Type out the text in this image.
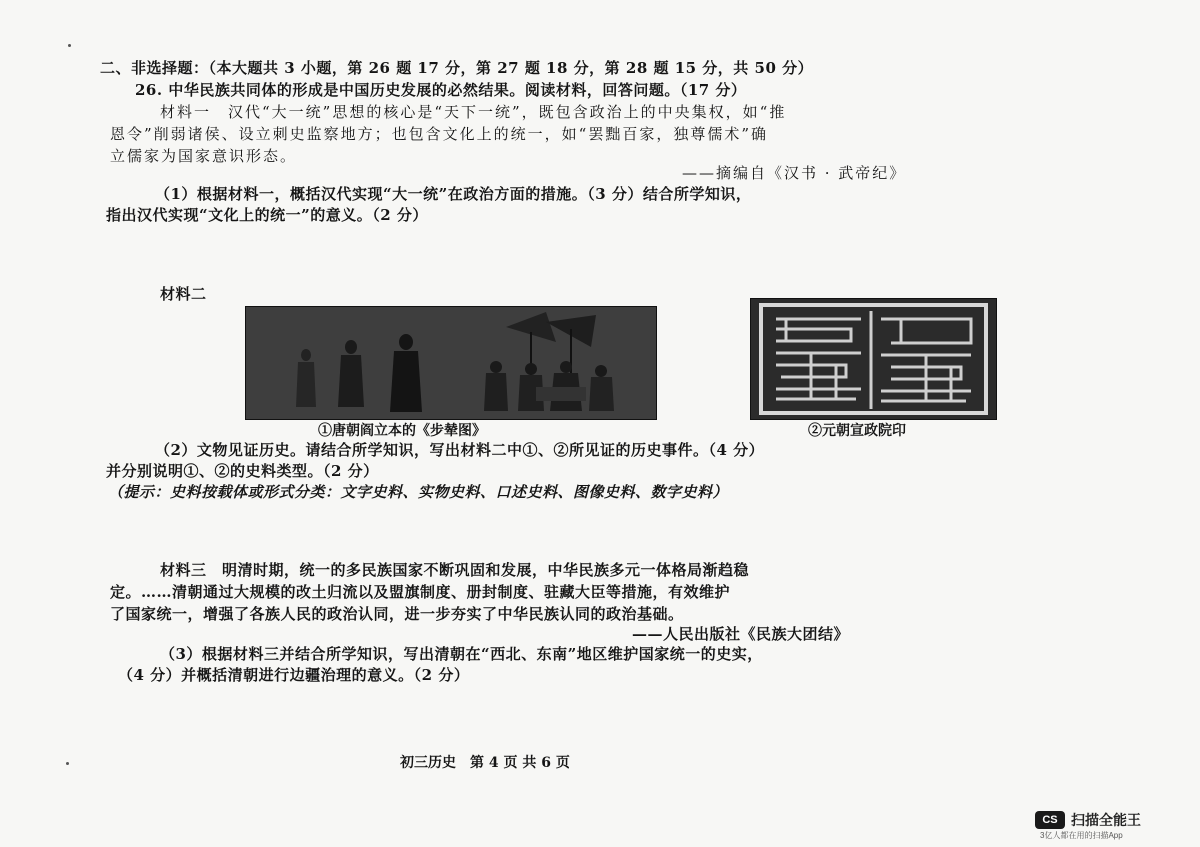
二、非选择题：（本大题共 3 小题，第 26 题 17 分，第 27 题 18 分，第 28 题 15 分，共 50 分）
26. 中华民族共同体的形成是中国历史发展的必然结果。阅读材料，回答问题。（17 分）
材料一　汉代“大一统”思想的核心是“天下一统”，既包含政治上的中央集权，如“推
恩令”削弱诸侯、设立刺史监察地方；也包含文化上的统一，如“罢黜百家，独尊儒术”确
立儒家为国家意识形态。
——摘编自《汉书 · 武帝纪》
（1）根据材料一，概括汉代实现“大一统”在政治方面的措施。（3 分）结合所学知识，
指出汉代实现“文化上的统一”的意义。（2 分）
材料二
①唐朝阎立本的《步辇图》	②元朝宣政院印
（2）文物见证历史。请结合所学知识，写出材料二中①、②所见证的历史事件。（4 分）
并分别说明①、②的史料类型。（2 分）
（提示：史料按载体或形式分类：文字史料、实物史料、口述史料、图像史料、数字史料）
材料三　明清时期，统一的多民族国家不断巩固和发展，中华民族多元一体格局渐趋稳
定。……清朝通过大规模的改土归流以及盟旗制度、册封制度、驻藏大臣等措施，有效维护
了国家统一，增强了各族人民的政治认同，进一步夯实了中华民族认同的政治基础。
——人民出版社《民族大团结》
（3）根据材料三并结合所学知识，写出清朝在“西北、东南”地区维护国家统一的史实，
（4 分）并概括清朝进行边疆治理的意义。（2 分）
初三历史　第 4 页 共 6 页
CS 扫描全能王
3亿人都在用的扫描App
